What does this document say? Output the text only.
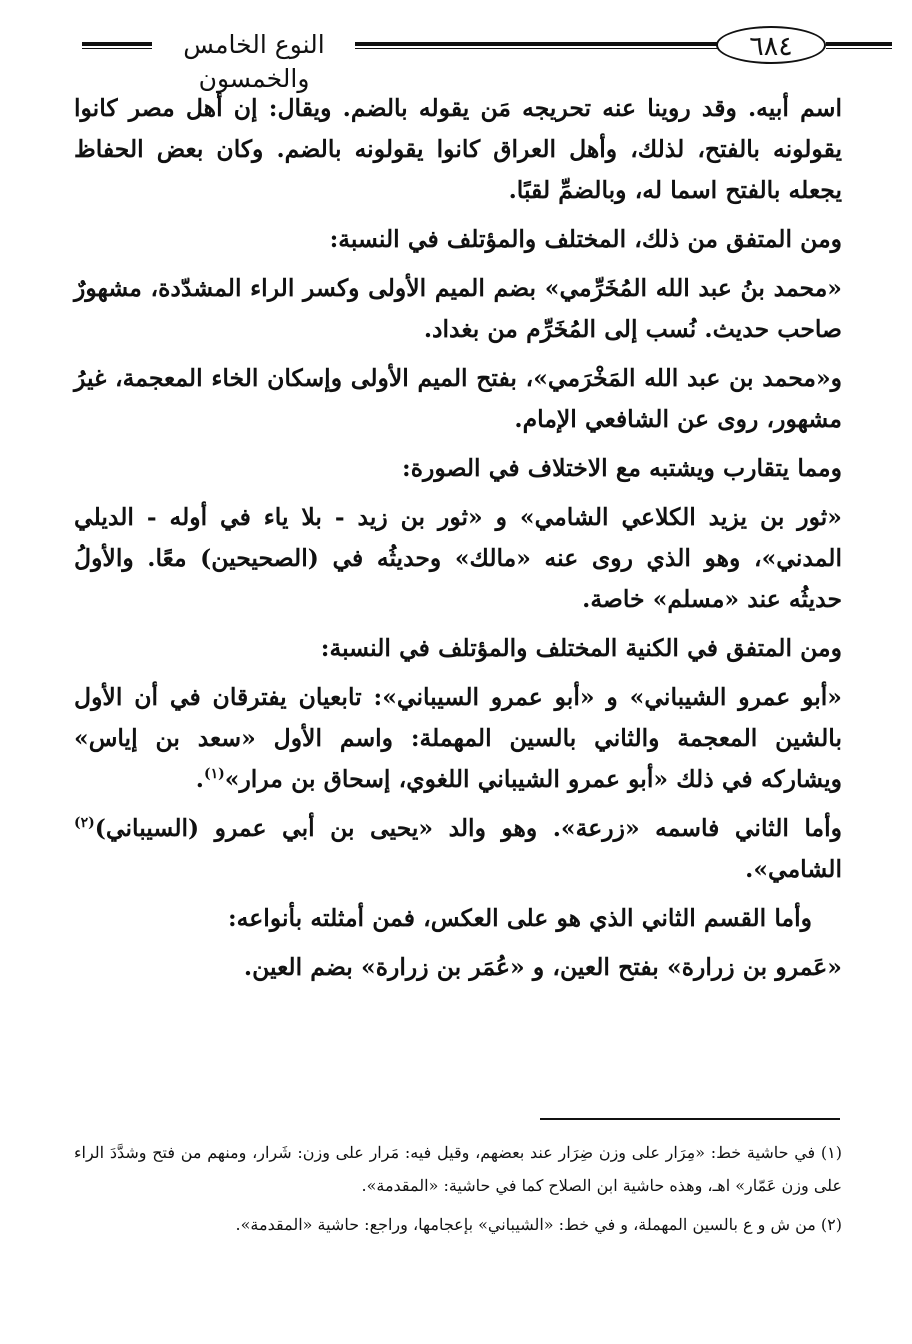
النوع الخامس والخمسون
٦٨٤

اسم أبيه. وقد روينا عنه تحريجه مَن يقوله بالضم. ويقال: إن أهل مصر كانوا يقولونه بالفتح، لذلك، وأهل العراق كانوا يقولونه بالضم. وكان بعض الحفاظ يجعله بالفتح اسما له، وبالضمِّ لقبًا.

ومن المتفق من ذلك، المختلف والمؤتلف في النسبة:

«محمد بنُ عبد الله المُخَرِّمي» بضم الميم الأولى وكسر الراء المشدّدة، مشهورٌ صاحب حديث. نُسب إلى المُخَرِّم من بغداد.

و«محمد بن عبد الله المَخْرَمي»، بفتح الميم الأولى وإسكان الخاء المعجمة، غيرُ مشهور، روى عن الشافعي الإمام.

ومما يتقارب ويشتبه مع الاختلاف في الصورة:

«ثور بن يزيد الكلاعي الشامي» و «ثور بن زيد - بلا ياء في أوله - الديلي المدني»، وهو الذي روى عنه «مالك» وحديثُه في (الصحيحين) معًا. والأولُ حديثُه عند «مسلم» خاصة.

ومن المتفق في الكنية المختلف والمؤتلف في النسبة:

«أبو عمرو الشيباني» و «أبو عمرو السيباني»: تابعيان يفترقان في أن الأول بالشين المعجمة والثاني بالسين المهملة: واسم الأول «سعد بن إياس» ويشاركه في ذلك «أبو عمرو الشيباني اللغوي، إسحاق بن مرار»$^{(١)}$.

وأما الثاني فاسمه «زرعة». وهو والد «يحيى بن أبي عمرو (السيباني)$^{(٢)}$ الشامي».

وأما القسم الثاني الذي هو على العكس، فمن أمثلته بأنواعه:

«عَمرو بن زرارة» بفتح العين، و «عُمَر بن زرارة» بضم العين.

(١) في حاشية خط: «مِرَار على وزن ضِرَار عند بعضهم، وقيل فيه: مَرار على وزن: شَرار، ومنهم من فتح وشدَّدَ الراء على وزن عَمّار» اهـ، وهذه حاشية ابن الصلاح كما في حاشية: «المقدمة».

(٢) من ش و ع بالسين المهملة، و في خط: «الشيباني» بإعجامها، وراجع: حاشية «المقدمة».
